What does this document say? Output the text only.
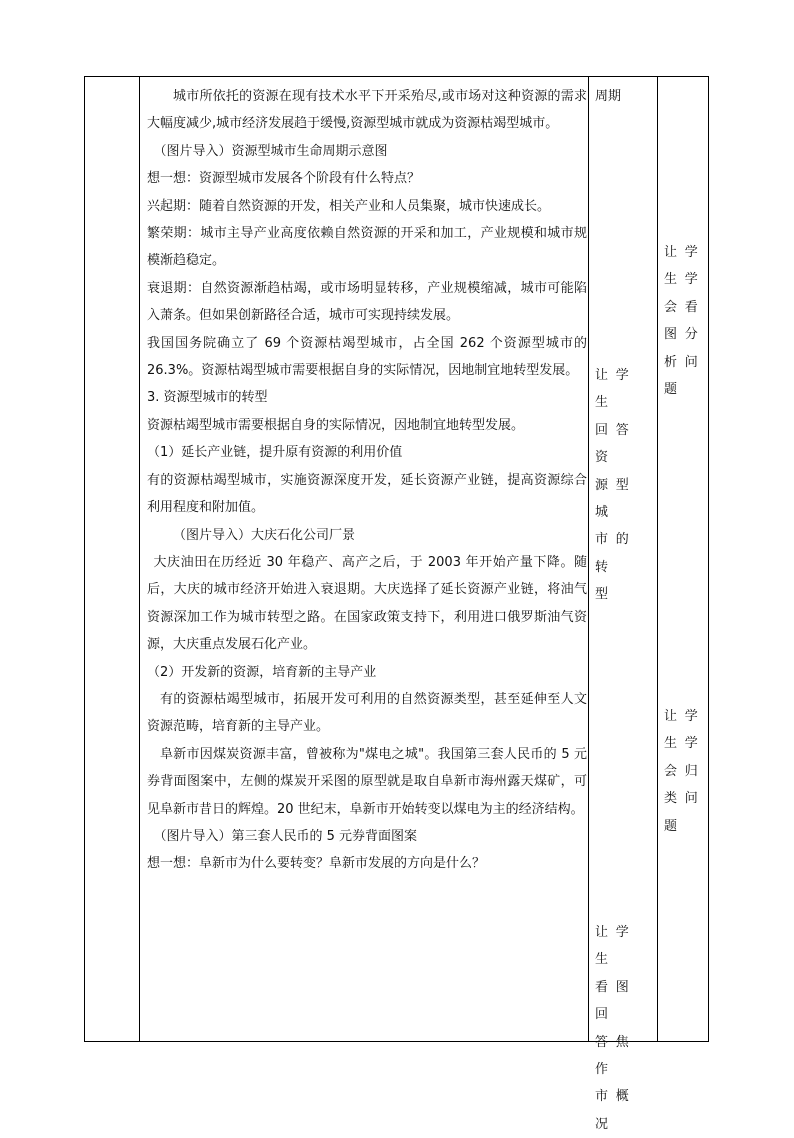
城市所依托的资源在现有技术水平下开采殆尽,或市场对这种资源的需求大幅度减少,城市经济发展趋于缓慢,资源型城市就成为资源枯竭型城市。

（图片导入）资源型城市生命周期示意图

想一想：资源型城市发展各个阶段有什么特点？

兴起期：随着自然资源的开发，相关产业和人员集聚，城市快速成长。

繁荣期：城市主导产业高度依赖自然资源的开采和加工，产业规模和城市规模渐趋稳定。

衰退期：自然资源渐趋枯竭，或市场明显转移，产业规模缩减，城市可能陷入萧条。但如果创新路径合适，城市可实现持续发展。

我国国务院确立了 69 个资源枯竭型城市，占全国 262 个资源型城市的 26.3%。资源枯竭型城市需要根据自身的实际情况，因地制宜地转型发展。

3. 资源型城市的转型

资源枯竭型城市需要根据自身的实际情况，因地制宜地转型发展。

（1）延长产业链，提升原有资源的利用价值

有的资源枯竭型城市，实施资源深度开发，延长资源产业链，提高资源综合利用程度和附加值。

（图片导入）大庆石化公司厂景

大庆油田在历经近 30 年稳产、高产之后，于 2003 年开始产量下降。随后，大庆的城市经济开始进入衰退期。大庆选择了延长资源产业链，将油气资源深加工作为城市转型之路。在国家政策支持下，利用进口俄罗斯油气资源，大庆重点发展石化产业。

（2）开发新的资源，培育新的主导产业

有的资源枯竭型城市，拓展开发可利用的自然资源类型，甚至延伸至人文资源范畴，培育新的主导产业。

阜新市因煤炭资源丰富，曾被称为"煤电之城"。我国第三套人民币的 5 元券背面图案中，左侧的煤炭开采图的原型就是取自阜新市海州露天煤矿，可见阜新市昔日的辉煌。20 世纪末，阜新市开始转变以煤电为主的经济结构。

（图片导入）第三套人民币的 5 元券背面图案

想一想：阜新市为什么要转变？阜新市发展的方向是什么？

周期

让学生

回答资

源型城

市的转

型

让学生

看图回

答焦作

市概况

让学

生学

会看

图分

析问

题

让学

生学

会归

类问

题
